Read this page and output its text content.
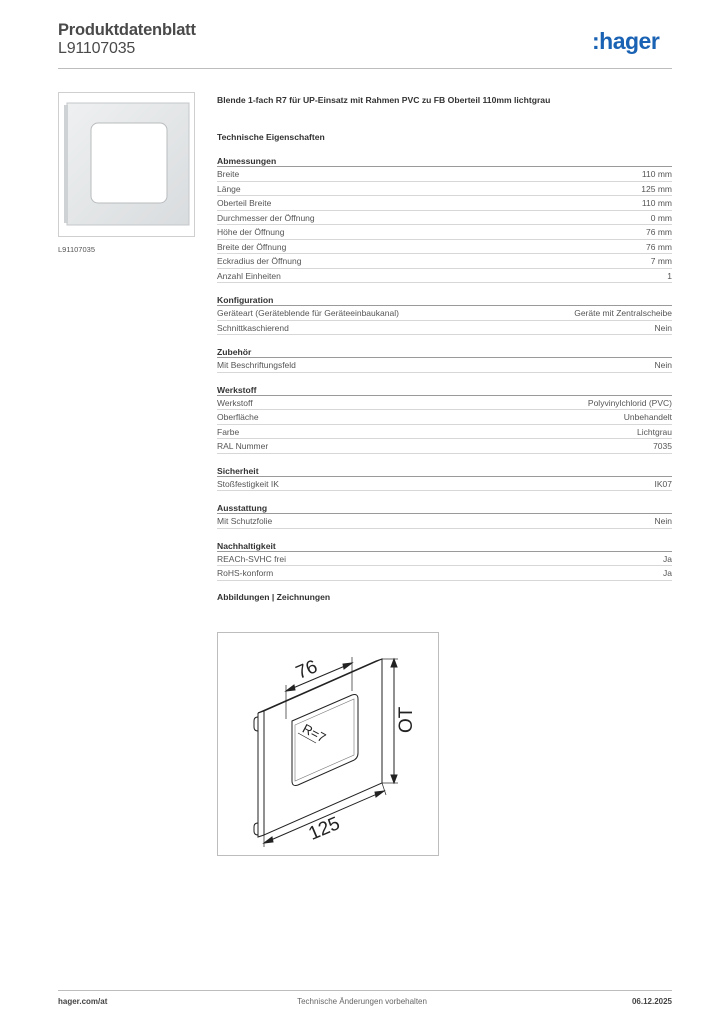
Produktdatenblatt
L91107035	:hager
L91107035
Blende 1-fach R7 für UP-Einsatz mit Rahmen PVC zu FB Oberteil 110mm lichtgrau
Technische Eigenschaften
Abmessungen
Breite	110 mm
Länge	125 mm
Oberteil Breite	110 mm
Durchmesser der Öffnung	0 mm
Höhe der Öffnung	76 mm
Breite der Öffnung	76 mm
Eckradius der Öffnung	7 mm
Anzahl Einheiten	1
Konfiguration
Geräteart (Geräteblende für Geräteeinbaukanal)	Geräte mit Zentralscheibe
Schnittkaschierend	Nein
Zubehör
Mit Beschriftungsfeld	Nein
Werkstoff
Werkstoff	Polyvinylchlorid (PVC)
Oberfläche	Unbehandelt
Farbe	Lichtgrau
RAL Nummer	7035
Sicherheit
Stoßfestigkeit IK	IK07
Ausstattung
Mit Schutzfolie	Nein
Nachhaltigkeit
REACh-SVHC frei	Ja
RoHS-konform	Ja
Abbildungen | Zeichnungen
76
R=7
OT
125
hager.com/at	Technische Änderungen vorbehalten	06.12.2025
